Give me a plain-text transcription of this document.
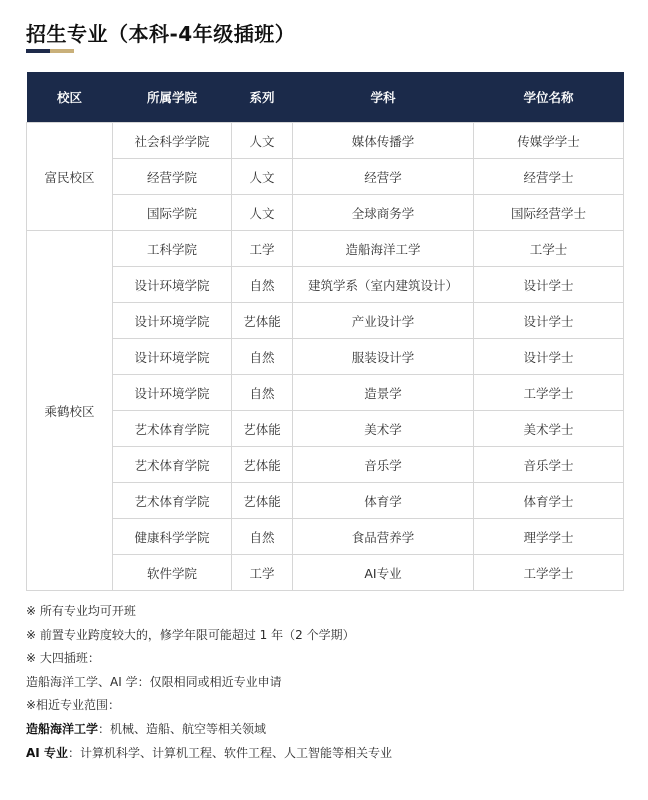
招生专业（本科-4年级插班）
校区	所属学院	系列	学科	学位名称
富民校区	社会科学学院	人文	媒体传播学	传媒学学士
	经营学院	人文	经营学	经营学士
	国际学院	人文	全球商务学	国际经营学士
乘鹤校区	工科学院	工学	造船海洋工学	工学士
	设计环境学院	自然	建筑学系（室内建筑设计）	设计学士
	设计环境学院	艺体能	产业设计学	设计学士
	设计环境学院	自然	服装设计学	设计学士
	设计环境学院	自然	造景学	工学学士
	艺术体育学院	艺体能	美术学	美术学士
	艺术体育学院	艺体能	音乐学	音乐学士
	艺术体育学院	艺体能	体育学	体育学士
	健康科学学院	自然	食品营养学	理学学士
	软件学院	工学	AI专业	工学学士
※ 所有专业均可开班
※ 前置专业跨度较大的，修学年限可能超过 1 年（2 个学期）
※ 大四插班：
造船海洋工学、AI 学：仅限相同或相近专业申请
※相近专业范围：
造船海洋工学：机械、造船、航空等相关领域
AI 专业：计算机科学、计算机工程、软件工程、人工智能等相关专业
